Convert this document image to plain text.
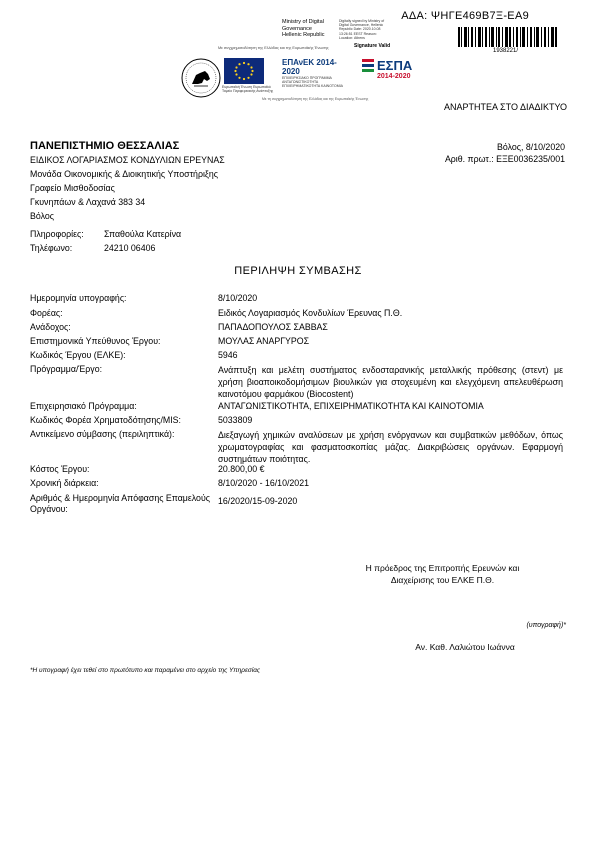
ΑΔΑ: ΨΗΓΕ469Β7Ξ-ΕΑ9
Ministry of Digital
Governance
Hellenic Republic
Digitally signed by Ministry of Digital Governance, Hellenic Republic Date: 2020.10.08 13:26:51 EEST Reason: Location: Athens
Signature Valid
1938221/
Με συγχρηματοδότηση της Ελλάδας και της Ευρωπαϊκής Ένωσης
Ευρωπαϊκή Ένωση Ευρωπαϊκό Ταμείο Περιφερειακής Ανάπτυξης
ΕΠΑνΕΚ 2014-2020
ΕΠΙΧΕΙΡΗΣΙΑΚΟ ΠΡΟΓΡΑΜΜΑ ΑΝΤΑΓΩΝΙΣΤΙΚΟΤΗΤΑ ΕΠΙΧΕΙΡΗΜΑΤΙΚΟΤΗΤΑ ΚΑΙΝΟΤΟΜΙΑ
ΕΣΠΑ
2014-2020
Με τη συγχρηματοδότηση της Ελλάδας και της Ευρωπαϊκής Ένωσης
ΑΝΑΡΤΗΤΕΑ ΣΤΟ ΔΙΑΔΙΚΤΥΟ
ΠΑΝΕΠΙΣΤΗΜΙΟ ΘΕΣΣΑΛΙΑΣ
ΕΙΔΙΚΟΣ ΛΟΓΑΡΙΑΣΜΟΣ ΚΟΝΔΥΛΙΩΝ ΕΡΕΥΝΑΣ
Μονάδα Οικονομικής & Διοικητικής Υποστήριξης
Γραφείο Μισθοδοσίας
Γκυνηπάων & Λαχανά 383 34
Βόλος
Πληροφορίες: Σπαθούλα Κατερίνα
Τηλέφωνο:	24210 06406
Βόλος, 8/10/2020
Αριθ. πρωτ.: ΕΞΕ0036235/001
ΠΕΡΙΛΗΨΗ ΣΥΜΒΑΣΗΣ
Ημερομηνία υπογραφής:	8/10/2020
Φορέας:	Ειδικός Λογαριασμός Κονδυλίων Έρευνας Π.Θ.
Ανάδοχος:	ΠΑΠΑΔΟΠΟΥΛΟΣ ΣΑΒΒΑΣ
Επιστημονικά Υπεύθυνος Έργου:	ΜΟΥΛΑΣ ΑΝΑΡΓΥΡΟΣ
Κωδικός Έργου (ΕΛΚΕ):	5946
Πρόγραμμα/Έργο:	Ανάπτυξη και μελέτη συστήματος ενδοσταρανικής μεταλλικής πρόθεσης (στεντ) με χρήση βιοαποικοδομήσιμων βιουλικών για στοχευμένη και ελεγχόμενη απελευθέρωση καινοτόμου φαρμάκου (Biocostent)
Επιχειρησιακό Πρόγραμμα:	ΑΝΤΑΓΩΝΙΣΤΙΚΟΤΗΤΑ, ΕΠΙΧΕΙΡΗΜΑΤΙΚΟΤΗΤΑ ΚΑΙ ΚΑΙΝΟΤΟΜΙΑ
Κωδικός Φορέα Χρηματοδότησης/MIS:	5033809
Αντικείμενο σύμβασης (περιληπτικά):	Διεξαγωγή χημικών αναλύσεων με χρήση ενόργανων και συμβατικών μεθόδων, όπως χρωματογραφίας και φασματοσκοπίας μάζας. Διακριβώσεις οργάνων. Εφαρμογή συστημάτων ποιότητας.
Κόστος Έργου:	20.800,00 €
Χρονική διάρκεια:	8/10/2020 - 16/10/2021
Αριθμός & Ημερομηνία Απόφασης Επαμελούς Οργάνου:
16/2020/15-09-2020
Η πρόεδρος της Επιτροπής Ερευνών και
Διαχείρισης του ΕΛΚΕ Π.Θ.
(υπογραφή)*
Αν. Καθ. Λαλιώτου Ιωάννα
*Η υπογραφή έχει τεθεί στο πρωτότυπο και παραμένει στο αρχείο της Υπηρεσίας
